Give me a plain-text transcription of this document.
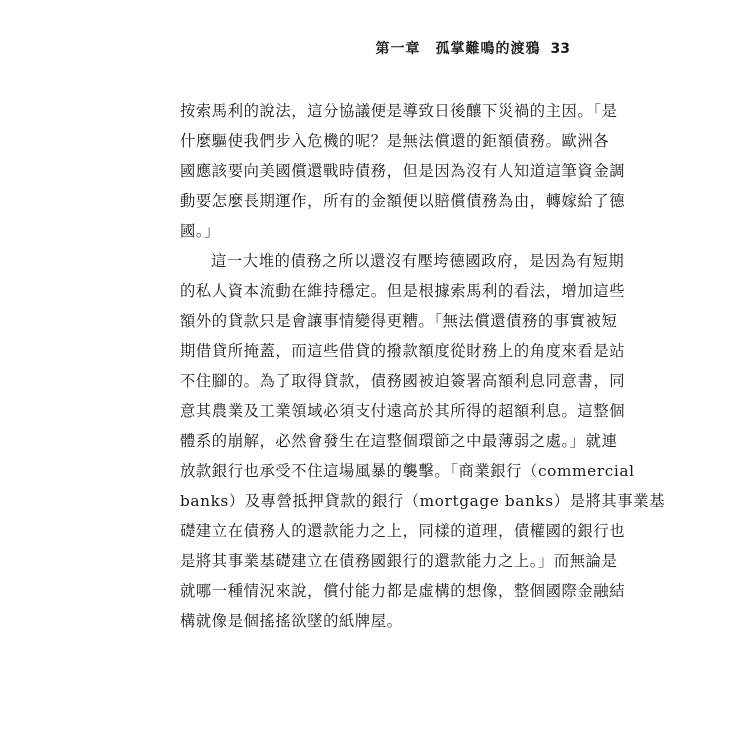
第一章　孤掌難鳴的渡鴉 33
按索馬利的說法，這分協議便是導致日後釀下災禍的主因。「是
什麼驅使我們步入危機的呢？是無法償還的鉅額債務。歐洲各
國應該要向美國償還戰時債務，但是因為沒有人知道這筆資金調
動要怎麼長期運作，所有的金額便以賠償債務為由，轉嫁給了德
國。」
這一大堆的債務之所以還沒有壓垮德國政府，是因為有短期
的私人資本流動在維持穩定。但是根據索馬利的看法，增加這些
額外的貸款只是會讓事情變得更糟。「無法償還債務的事實被短
期借貸所掩蓋，而這些借貸的撥款額度從財務上的角度來看是站
不住腳的。為了取得貸款，債務國被迫簽署高額利息同意書，同
意其農業及工業領域必須支付遠高於其所得的超額利息。這整個
體系的崩解，必然會發生在這整個環節之中最薄弱之處。」就連
放款銀行也承受不住這場風暴的襲擊。「商業銀行（commercial
banks）及專營抵押貸款的銀行（mortgage banks）是將其事業基
礎建立在債務人的還款能力之上，同樣的道理，債權國的銀行也
是將其事業基礎建立在債務國銀行的還款能力之上。」而無論是
就哪一種情況來說，償付能力都是虛構的想像，整個國際金融結
構就像是個搖搖欲墜的紙牌屋。
